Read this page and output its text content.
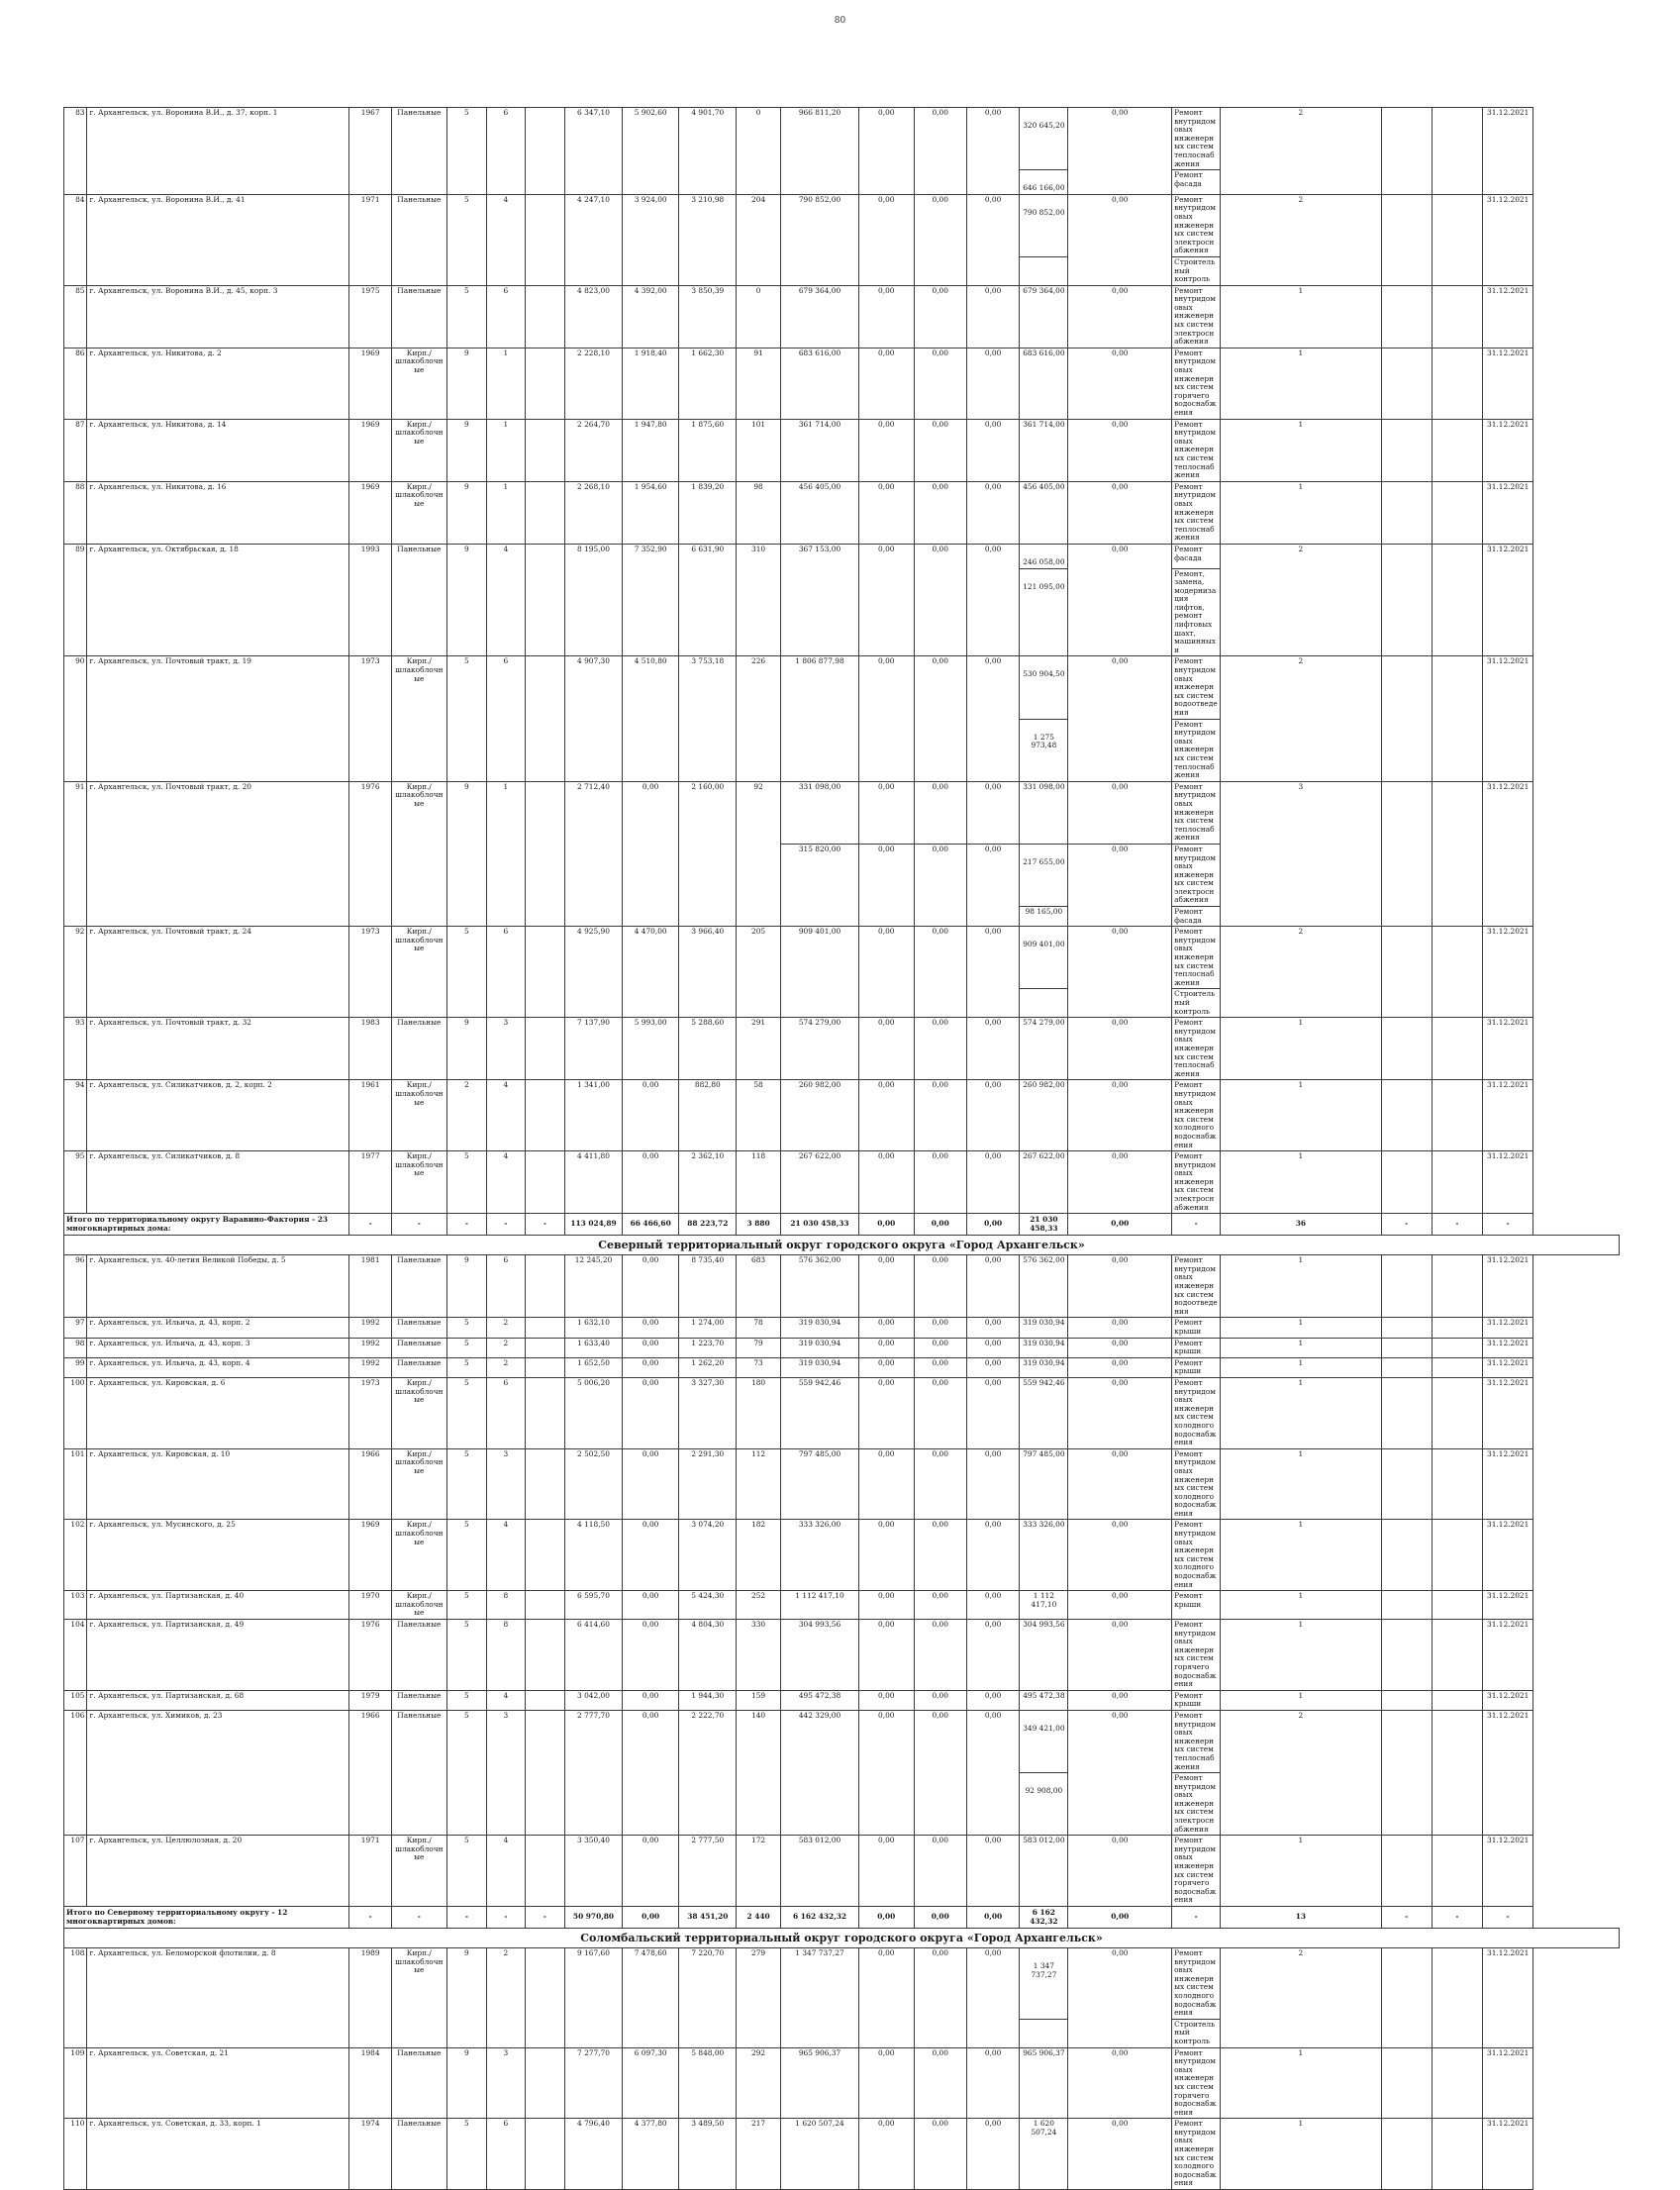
80
83	г. Архангельск, ул. Воронина В.И., д. 37, корп. 1	1967	Панельные	5	6		6 347,10	5 902,60	4 901,70	0	966 811,20	0,00	0,00	0,00	320 645,20	0,00	Ремонт внутридомовых инженерных систем теплоснабжения	2			31.12.2021
															646 166,00		Ремонт фасада				
84	г. Архангельск, ул. Воронина В.И., д. 41	1971	Панельные	5	4		4 247,10	3 924,00	3 210,98	204	790 852,00	0,00	0,00	0,00	790 852,00	0,00	Ремонт внутридомовых инженерных систем электроснабжения	2			31.12.2021
																	Строительный контроль				
85	г. Архангельск, ул. Воронина В.И., д. 45, корп. 3	1975	Панельные	5	6		4 823,00	4 392,00	3 850,39	0	679 364,00	0,00	0,00	0,00	679 364,00	0,00	Ремонт внутридомовых инженерных систем электроснабжения	1			31.12.2021
86	г. Архангельск, ул. Никитова, д. 2	1969	Кирп./ шлакоблочные	9	1		2 228,10	1 918,40	1 662,30	91	683 616,00	0,00	0,00	0,00	683 616,00	0,00	Ремонт внутридомовых инженерных систем горячего водоснабжения	1			31.12.2021
87	г. Архангельск, ул. Никитова, д. 14	1969	Кирп./ шлакоблочные	9	1		2 264,70	1 947,80	1 875,60	101	361 714,00	0,00	0,00	0,00	361 714,00	0,00	Ремонт внутридомовых инженерных систем теплоснабжения	1			31.12.2021
88	г. Архангельск, ул. Никитова, д. 16	1969	Кирп./ шлакоблочные	9	1		2 268,10	1 954,60	1 839,20	98	456 405,00	0,00	0,00	0,00	456 405,00	0,00	Ремонт внутридомовых инженерных систем теплоснабжения	1			31.12.2021
89	г. Архангельск, ул. Октябрьская, д. 18	1993	Панельные	9	4		8 195,00	7 352,90	6 631,90	310	367 153,00	0,00	0,00	0,00	246 058,00	0,00	Ремонт фасада	2			31.12.2021
															121 095,00		Ремонт, замена, модернизация лифтов, ремонт лифтовых шахт, машинных и				
90	г. Архангельск, ул. Почтовый тракт, д. 19	1973	Кирп./ шлакоблочные	5	6		4 907,30	4 510,80	3 753,18	226	1 806 877,98	0,00	0,00	0,00	530 904,50	0,00	Ремонт внутридомовых инженерных систем водоотведения	2			31.12.2021
															1 275 973,48		Ремонт внутридомовых инженерных систем теплоснабжения				
91	г. Архангельск, ул. Почтовый тракт, д. 20	1976	Кирп./ шлакоблочные	9	1		2 712,40	0,00	2 160,00	92	331 098,00	0,00	0,00	0,00	331 098,00	0,00	Ремонт внутридомовых инженерных систем теплоснабжения	3			31.12.2021
											315 820,00	0,00	0,00	0,00	217 655,00	0,00	Ремонт внутридомовых инженерных систем электроснабжения				
															98 165,00		Ремонт фасада				
92	г. Архангельск, ул. Почтовый тракт, д. 24	1973	Кирп./ шлакоблочные	5	6		4 925,90	4 470,00	3 966,40	205	909 401,00	0,00	0,00	0,00	909 401,00	0,00	Ремонт внутридомовых инженерных систем теплоснабжения	2			31.12.2021
																	Строительный контроль				
93	г. Архангельск, ул. Почтовый тракт, д. 32	1983	Панельные	9	3		7 137,90	5 993,00	5 288,60	291	574 279,00	0,00	0,00	0,00	574 279,00	0,00	Ремонт внутридомовых инженерных систем теплоснабжения	1			31.12.2021
94	г. Архангельск, ул. Силикатчиков, д. 2, корп. 2	1961	Кирп./ шлакоблочные	2	4		1 341,00	0,00	882,80	58	260 982,00	0,00	0,00	0,00	260 982,00	0,00	Ремонт внутридомовых инженерных систем холодного водоснабжения	1			31.12.2021
95	г. Архангельск, ул. Силикатчиков, д. 8	1977	Кирп./ шлакоблочные	5	4		4 411,80	0,00	2 362,10	118	267 622,00	0,00	0,00	0,00	267 622,00	0,00	Ремонт внутридомовых инженерных систем электроснабжения	1			31.12.2021
Итого по территориальному округу Варавино-Фактория - 23 многоквартирных дома:		-	-	-	-	-	113 024,89	66 466,60	88 223,72	3 880	21 030 458,33	0,00	0,00	0,00	21 030 458,33	0,00	-	36	-	-	-
Северный территориальный округ городского округа «Город Архангельск»																					
96	г. Архангельск, ул. 40-летия Великой Победы, д. 5	1981	Панельные	9	6		12 245,20	0,00	8 735,40	683	576 362,00	0,00	0,00	0,00	576 362,00	0,00	Ремонт внутридомовых инженерных систем водоотведения	1			31.12.2021
97	г. Архангельск, ул. Ильича, д. 43, корп. 2	1992	Панельные	5	2		1 632,10	0,00	1 274,00	78	319 030,94	0,00	0,00	0,00	319 030,94	0,00	Ремонт крыши	1			31.12.2021
98	г. Архангельск, ул. Ильича, д. 43, корп. 3	1992	Панельные	5	2		1 633,40	0,00	1 223,70	79	319 030,94	0,00	0,00	0,00	319 030,94	0,00	Ремонт крыши	1			31.12.2021
99	г. Архангельск, ул. Ильича, д. 43, корп. 4	1992	Панельные	5	2		1 652,50	0,00	1 262,20	73	319 030,94	0,00	0,00	0,00	319 030,94	0,00	Ремонт крыши	1			31.12.2021
100	г. Архангельск, ул. Кировская, д. 6	1973	Кирп./ шлакоблочные	5	6		5 006,20	0,00	3 327,30	180	559 942,46	0,00	0,00	0,00	559 942,46	0,00	Ремонт внутридомовых инженерных систем холодного водоснабжения	1			31.12.2021
101	г. Архангельск, ул. Кировская, д. 10	1966	Кирп./ шлакоблочные	5	3		2 502,50	0,00	2 291,30	112	797 485,00	0,00	0,00	0,00	797 485,00	0,00	Ремонт внутридомовых инженерных систем холодного водоснабжения	1			31.12.2021
102	г. Архангельск, ул. Мусинского, д. 25	1969	Кирп./ шлакоблочные	5	4		4 118,50	0,00	3 074,20	182	333 326,00	0,00	0,00	0,00	333 326,00	0,00	Ремонт внутридомовых инженерных систем холодного водоснабжения	1			31.12.2021
103	г. Архангельск, ул. Партизанская, д. 40	1970	Кирп./ шлакоблочные	5	8		6 595,70	0,00	5 424,30	252	1 112 417,10	0,00	0,00	0,00	1 112 417,10	0,00	Ремонт крыши	1			31.12.2021
104	г. Архангельск, ул. Партизанская, д. 49	1976	Панельные	5	8		6 414,60	0,00	4 804,30	330	304 993,56	0,00	0,00	0,00	304 993,56	0,00	Ремонт внутридомовых инженерных систем горячего водоснабжения	1			31.12.2021
105	г. Архангельск, ул. Партизанская, д. 68	1979	Панельные	5	4		3 042,00	0,00	1 944,30	159	495 472,38	0,00	0,00	0,00	495 472,38	0,00	Ремонт крыши	1			31.12.2021
106	г. Архангельск, ул. Химиков, д. 23	1966	Панельные	5	3		2 777,70	0,00	2 222,70	140	442 329,00	0,00	0,00	0,00	349 421,00	0,00	Ремонт внутридомовых инженерных систем теплоснабжения	2			31.12.2021
															92 908,00		Ремонт внутридомовых инженерных систем электроснабжения				
107	г. Архангельск, ул. Целлюлозная, д. 20	1971	Кирп./ шлакоблочные	5	4		3 350,40	0,00	2 777,50	172	583 012,00	0,00	0,00	0,00	583 012,00	0,00	Ремонт внутридомовых инженерных систем горячего водоснабжения	1			31.12.2021
Итого по Северному территориальному округу - 12 многоквартирных домов:		-	-	-	-	-	50 970,80	0,00	38 451,20	2 440	6 162 432,32	0,00	0,00	0,00	6 162 432,32	0,00	-	13	-	-	-
Соломбальский территориальный округ городского округа «Город Архангельск»																					
108	г. Архангельск, ул. Беломорской флотилии, д. 8	1989	Кирп./ шлакоблочные	9	2		9 167,60	7 478,60	7 220,70	279	1 347 737,27	0,00	0,00	0,00	1 347 737,27	0,00	Ремонт внутридомовых инженерных систем холодного водоснабжения	2			31.12.2021
																	Строительный контроль				
109	г. Архангельск, ул. Советская, д. 21	1984	Панельные	9	3		7 277,70	6 097,30	5 848,00	292	965 906,37	0,00	0,00	0,00	965 906,37	0,00	Ремонт внутридомовых инженерных систем горячего водоснабжения	1			31.12.2021
110	г. Архангельск, ул. Советская, д. 33, корп. 1	1974	Панельные	5	6		4 796,40	4 377,80	3 489,50	217	1 620 507,24	0,00	0,00	0,00	1 620 507,24	0,00	Ремонт внутридомовых инженерных систем холодного водоснабжения	1			31.12.2021
